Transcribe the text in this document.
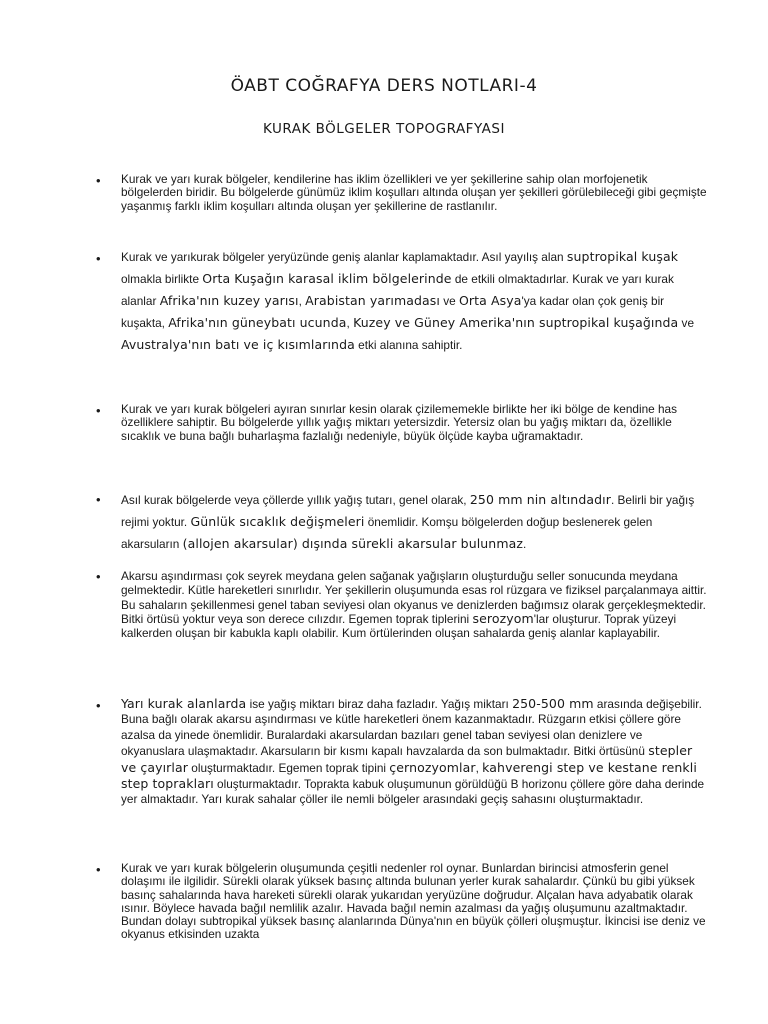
ÖABT COĞRAFYA DERS NOTLARI-4
KURAK BÖLGELER TOPOGRAFYASI
• Kurak ve yarı kurak bölgeler, kendilerine has iklim özellikleri ve yer şekillerine sahip olan morfojenetik bölgelerden biridir. Bu bölgelerde günümüz iklim koşulları altında oluşan yer şekilleri görülebileceği gibi geçmişte yaşanmış farklı iklim koşulları altında oluşan yer şekillerine de rastlanılır.

• Kurak ve yarıkurak bölgeler yeryüzünde geniş alanlar kaplamaktadır. Asıl yayılış alan suptropikal kuşak olmakla birlikte Orta Kuşağın karasal iklim bölgelerinde de etkili olmaktadırlar. Kurak ve yarı kurak alanlar Afrika'nın kuzey yarısı, Arabistan yarımadası ve Orta Asya'ya kadar olan çok geniş bir kuşakta, Afrika'nın güneybatı ucunda, Kuzey ve Güney Amerika'nın suptropikal kuşağında ve Avustralya'nın batı ve iç kısımlarında etki alanına sahiptir.

• Kurak ve yarı kurak bölgeleri ayıran sınırlar kesin olarak çizilememekle birlikte her iki bölge de kendine has özelliklere sahiptir. Bu bölgelerde yıllık yağış miktarı yetersizdir. Yetersiz olan bu yağış miktarı da, özellikle sıcaklık ve buna bağlı buharlaşma fazlalığı nedeniyle, büyük ölçüde kayba uğramaktadır.

• Asıl kurak bölgelerde veya çöllerde yıllık yağış tutarı, genel olarak, 250 mm nin altındadır. Belirli bir yağış rejimi yoktur. Günlük sıcaklık değişmeleri önemlidir. Komşu bölgelerden doğup beslenerek gelen akarsuların (allojen akarsular) dışında sürekli akarsular bulunmaz.

• Akarsu aşındırması çok seyrek meydana gelen sağanak yağışların oluşturduğu seller sonucunda meydana gelmektedir. Kütle hareketleri sınırlıdır. Yer şekillerin oluşumunda esas rol rüzgara ve fiziksel parçalanmaya aittir. Bu sahaların şekillenmesi genel taban seviyesi olan okyanus ve denizlerden bağımsız olarak gerçekleşmektedir. Bitki örtüsü yoktur veya son derece cılızdır. Egemen toprak tiplerini serozyom'lar oluşturur. Toprak yüzeyi kalkerden oluşan bir kabukla kaplı olabilir. Kum örtülerinden oluşan sahalarda geniş alanlar kaplayabilir.

• Yarı kurak alanlarda ise yağış miktarı biraz daha fazladır. Yağış miktarı 250-500 mm arasında değişebilir. Buna bağlı olarak akarsu aşındırması ve kütle hareketleri önem kazanmaktadır. Rüzgarın etkisi çöllere göre azalsa da yinede önemlidir. Buralardaki akarsulardan bazıları genel taban seviyesi olan denizlere ve okyanuslara ulaşmaktadır. Akarsuların bir kısmı kapalı havzalarda da son bulmaktadır. Bitki örtüsünü stepler ve çayırlar oluşturmaktadır. Egemen toprak tipini çernozyomlar, kahverengi step ve kestane renkli step toprakları oluşturmaktadır. Toprakta kabuk oluşumunun görüldüğü B horizonu çöllere göre daha derinde yer almaktadır. Yarı kurak sahalar çöller ile nemli bölgeler arasındaki geçiş sahasını oluşturmaktadır.

• Kurak ve yarı kurak bölgelerin oluşumunda çeşitli nedenler rol oynar. Bunlardan birincisi atmosferin genel dolaşımı ile ilgilidir. Sürekli olarak yüksek basınç altında bulunan yerler kurak sahalardır. Çünkü bu gibi yüksek basınç sahalarında hava hareketi sürekli olarak yukarıdan yeryüzüne doğrudur. Alçalan hava adyabatik olarak ısınır. Böylece havada bağıl nemlilik azalır. Havada bağıl nemin azalması da yağış oluşumunu azaltmaktadır. Bundan dolayı subtropikal yüksek basınç alanlarında Dünya'nın en büyük çölleri oluşmuştur. İkincisi ise deniz ve okyanus etkisinden uzakta
